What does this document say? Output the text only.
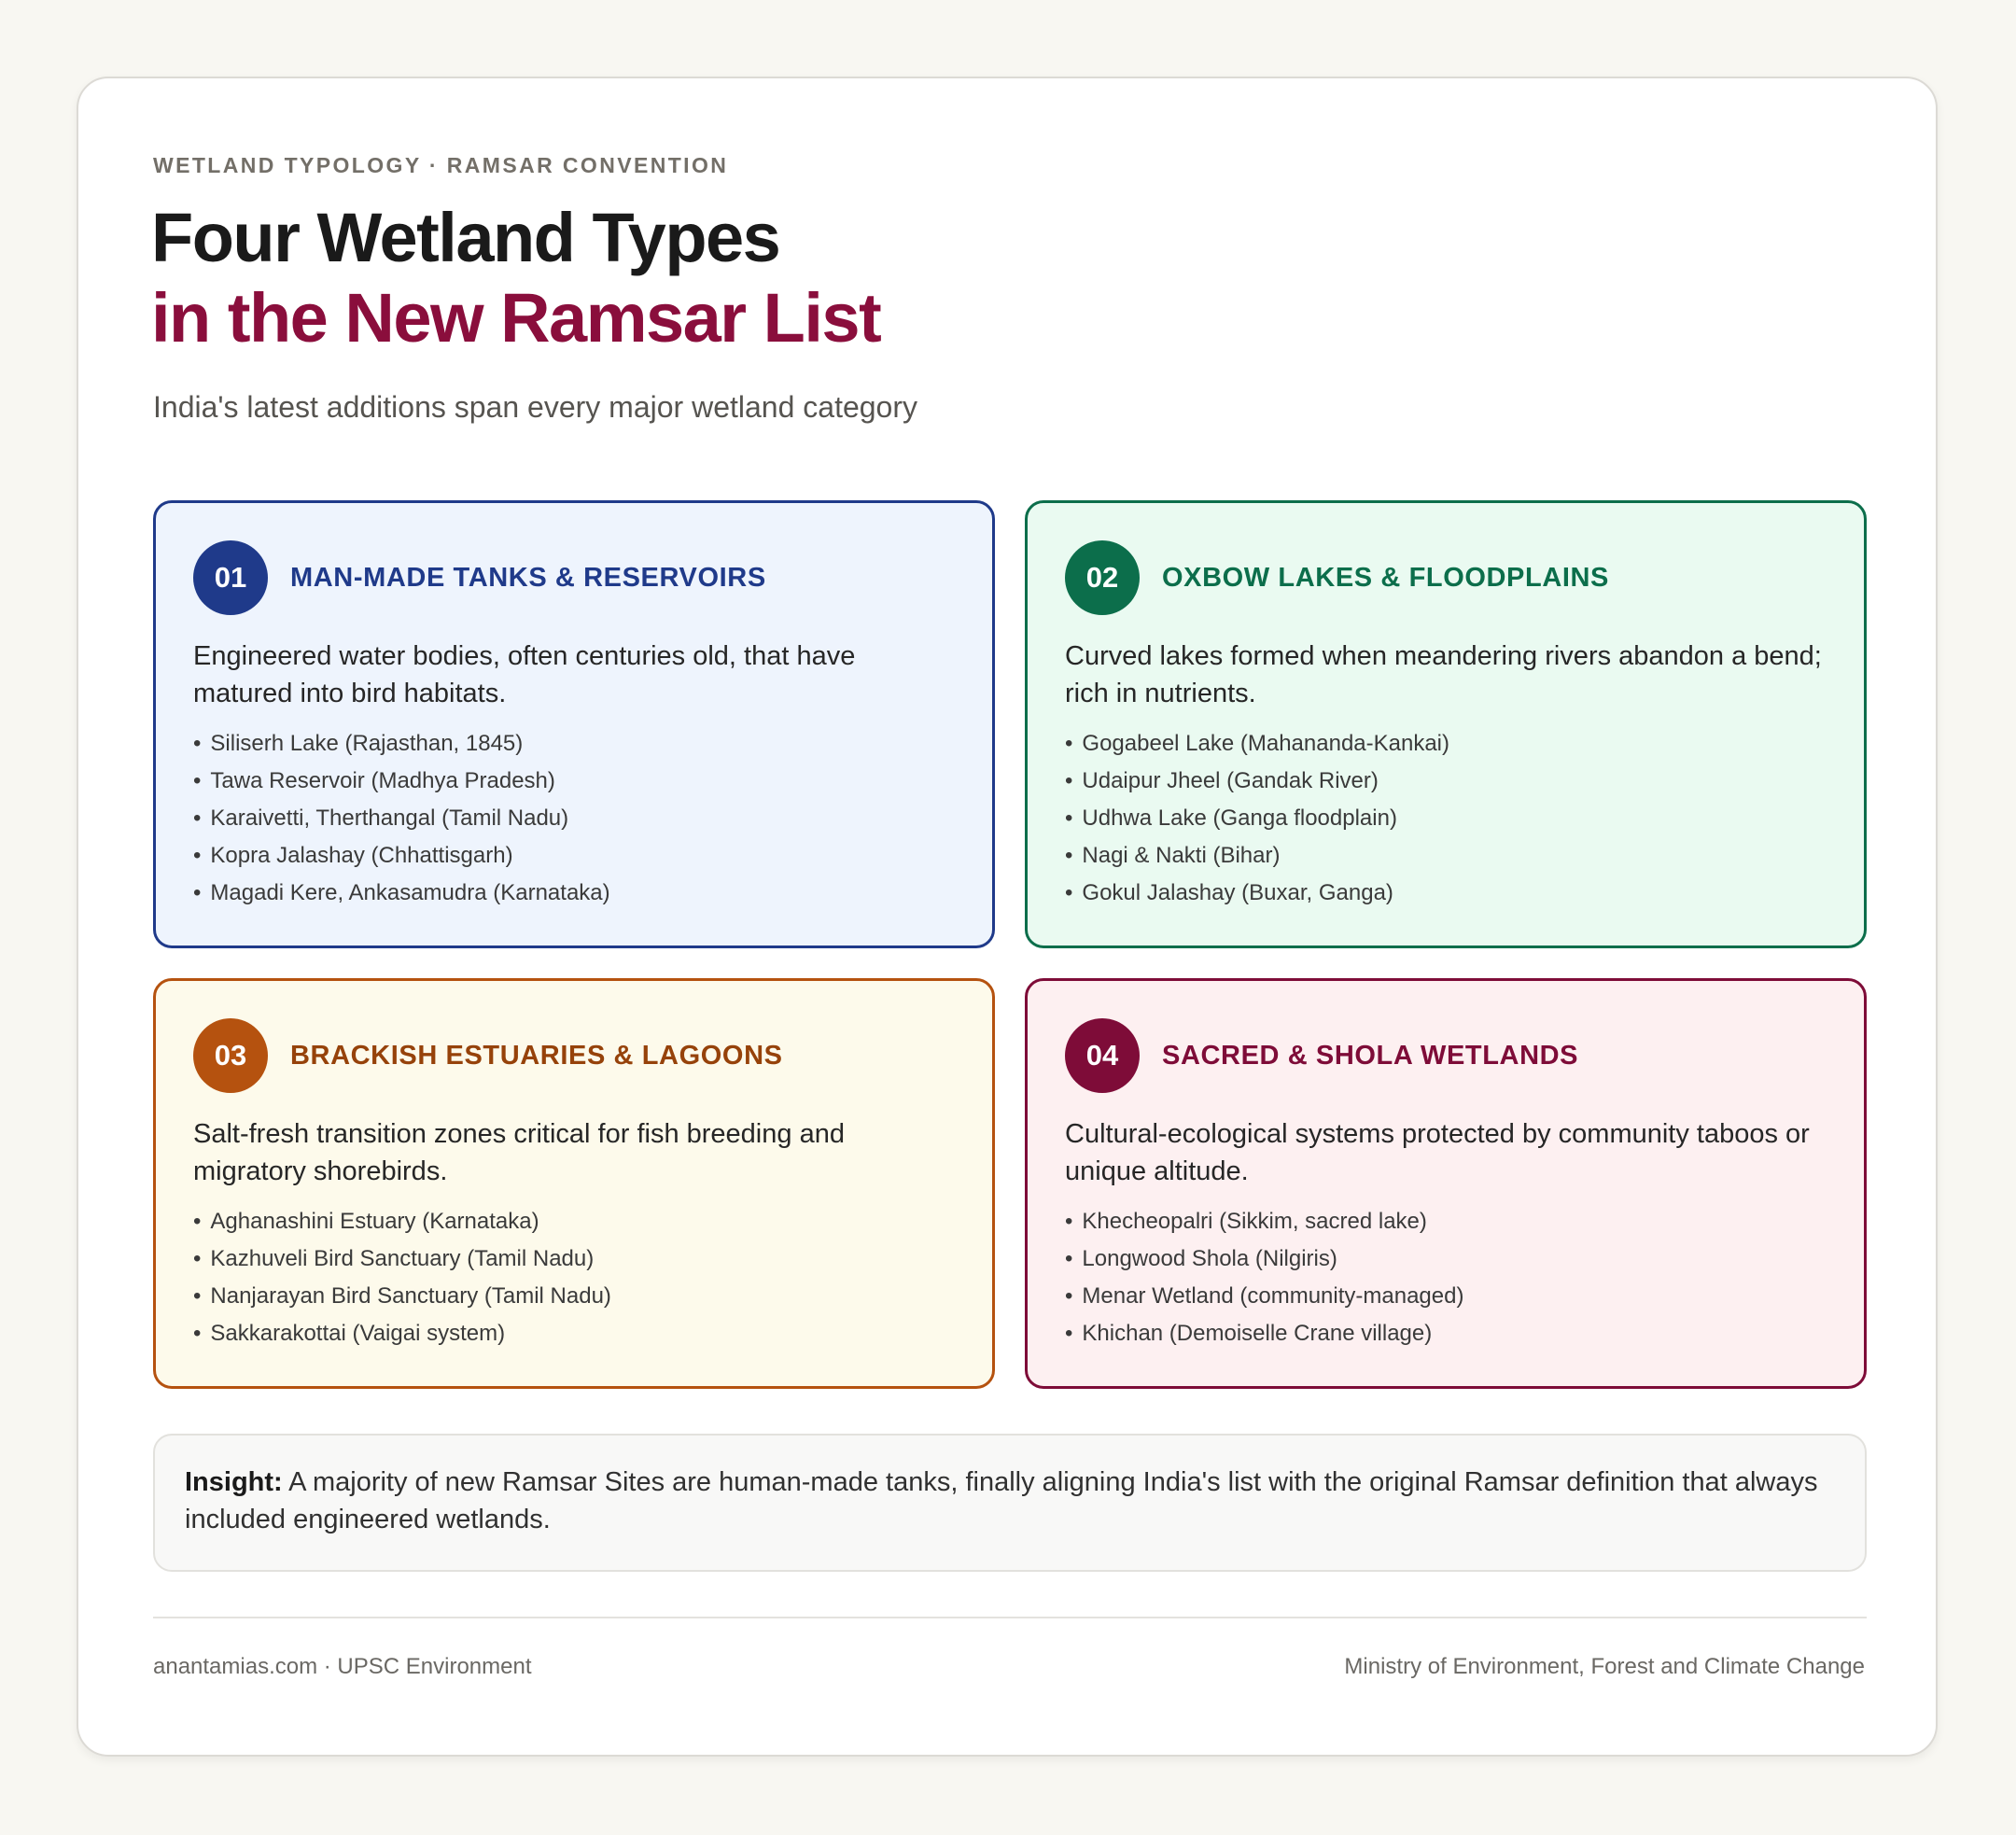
WETLAND TYPOLOGY · RAMSAR CONVENTION

Four Wetland Types
in the New Ramsar List

India's latest additions span every major wetland category

01	MAN-MADE TANKS & RESERVOIRS
Engineered water bodies, often centuries old, that have matured into bird habitats.
• Siliserh Lake (Rajasthan, 1845)
• Tawa Reservoir (Madhya Pradesh)
• Karaivetti, Therthangal (Tamil Nadu)
• Kopra Jalashay (Chhattisgarh)
• Magadi Kere, Ankasamudra (Karnataka)
02	OXBOW LAKES & FLOODPLAINS
Curved lakes formed when meandering rivers abandon a bend; rich in nutrients.
• Gogabeel Lake (Mahananda-Kankai)
• Udaipur Jheel (Gandak River)
• Udhwa Lake (Ganga floodplain)
• Nagi & Nakti (Bihar)
• Gokul Jalashay (Buxar, Ganga)
03	BRACKISH ESTUARIES & LAGOONS
Salt-fresh transition zones critical for fish breeding and migratory shorebirds.
• Aghanashini Estuary (Karnataka)
• Kazhuveli Bird Sanctuary (Tamil Nadu)
• Nanjarayan Bird Sanctuary (Tamil Nadu)
• Sakkarakottai (Vaigai system)
04	SACRED & SHOLA WETLANDS
Cultural-ecological systems protected by community taboos or unique altitude.
• Khecheopalri (Sikkim, sacred lake)
• Longwood Shola (Nilgiris)
• Menar Wetland (community-managed)
• Khichan (Demoiselle Crane village)
Insight: A majority of new Ramsar Sites are human-made tanks, finally aligning India's list with the original Ramsar definition that always included engineered wetlands.
anantamias.com · UPSC Environment	Ministry of Environment, Forest and Climate Change
